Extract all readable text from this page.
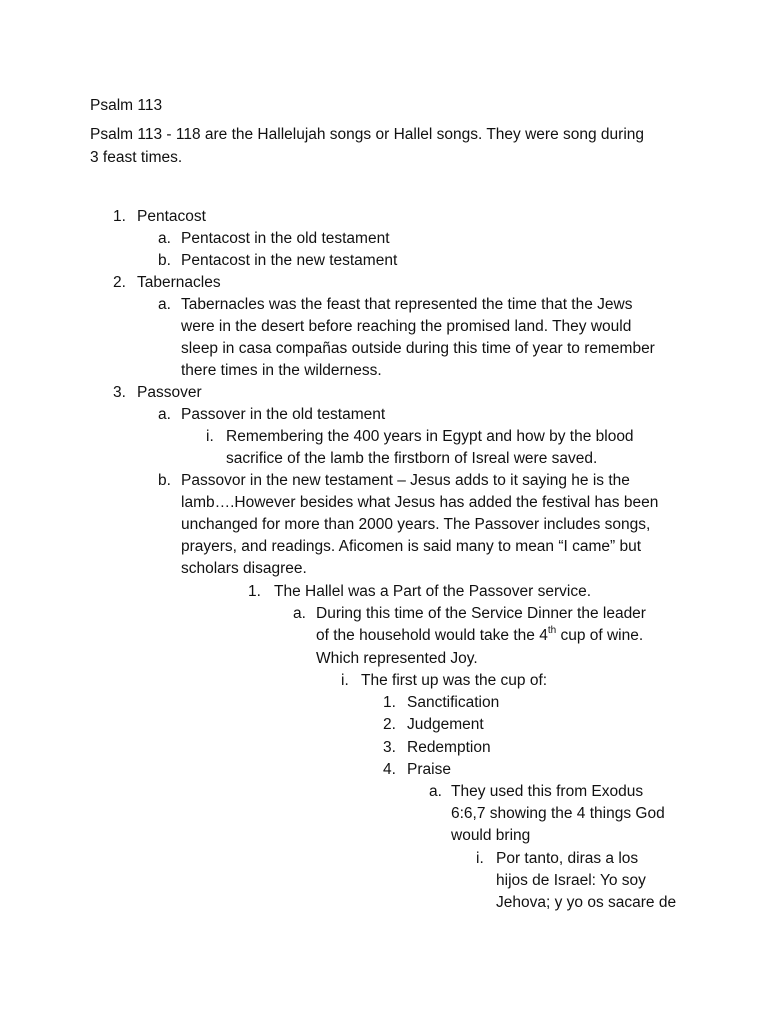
Psalm 113
Psalm 113 - 118 are the Hallelujah songs or Hallel songs. They were song during
3 feast times.
1. Pentacost
a. Pentacost in the old testament
b. Pentacost in the new testament
2. Tabernacles
a. Tabernacles was the feast that represented the time that the Jews
were in the desert before reaching the promised land. They would
sleep in casa compañas outside during this time of year to remember
there times in the wilderness.
3. Passover
a. Passover in the old testament
i. Remembering the 400 years in Egypt and how by the blood
sacrifice of the lamb the firstborn of Isreal were saved.
b. Passovor in the new testament – Jesus adds to it saying he is the
lamb….However besides what Jesus has added the festival has been
unchanged for more than 2000 years. The Passover includes songs,
prayers, and readings. Aficomen is said many to mean “I came” but
scholars disagree.
1. The Hallel was a Part of the Passover service.
a. During this time of the Service Dinner the leader
of the household would take the 4th cup of wine.
Which represented Joy.
i. The first up was the cup of:
1. Sanctification
2. Judgement
3. Redemption
4. Praise
a. They used this from Exodus
6:6,7 showing the 4 things God
would bring
i. Por tanto, diras a los
hijos de Israel: Yo soy
Jehova; y yo os sacare de
